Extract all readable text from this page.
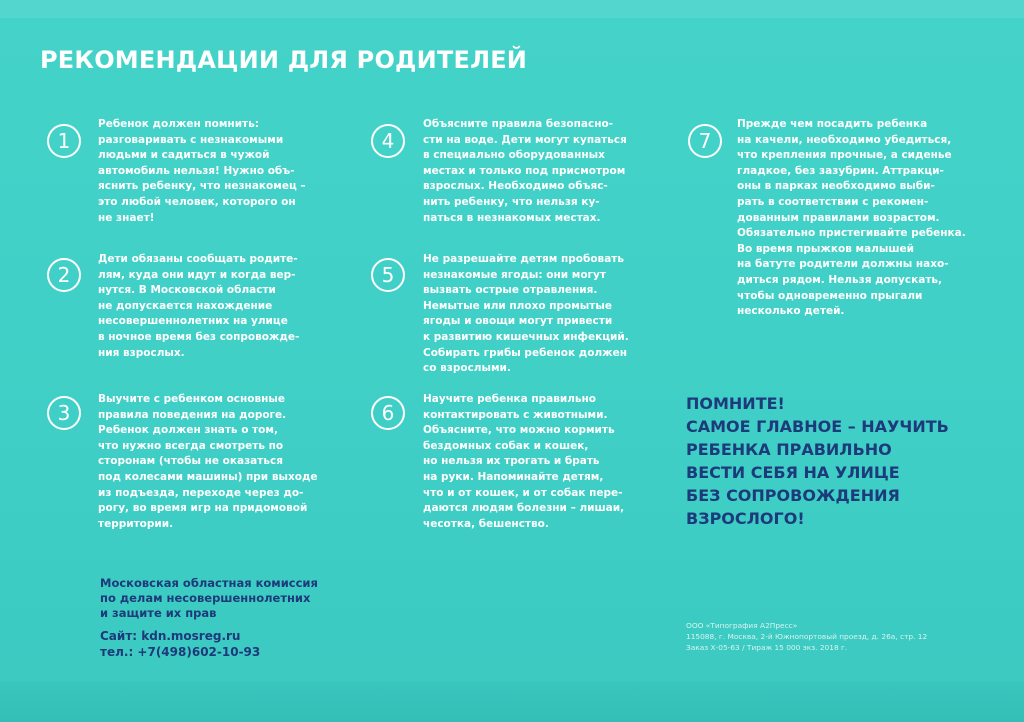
РЕКОМЕНДАЦИИ ДЛЯ РОДИТЕЛЕЙ
1
Ребенок должен помнить:
разговаривать с незнакомыми
людьми и садиться в чужой
автомобиль нельзя! Нужно объ-
яснить ребенку, что незнакомец –
это любой человек, которого он
не знает!
2
Дети обязаны сообщать родите-
лям, куда они идут и когда вер-
нутся. В Московской области
не допускается нахождение
несовершеннолетних на улице
в ночное время без сопровожде-
ния взрослых.
3
Выучите с ребенком основные
правила поведения на дороге.
Ребенок должен знать о том,
что нужно всегда смотреть по
сторонам (чтобы не оказаться
под колесами машины) при выходе
из подъезда, переходе через до-
рогу, во время игр на придомовой
территории.
4
Объясните правила безопасно-
сти на воде. Дети могут купаться
в специально оборудованных
местах и только под присмотром
взрослых. Необходимо объяс-
нить ребенку, что нельзя ку-
паться в незнакомых местах.
5
Не разрешайте детям пробовать
незнакомые ягоды: они могут
вызвать острые отравления.
Немытые или плохо промытые
ягоды и овощи могут привести
к развитию кишечных инфекций.
Собирать грибы ребенок должен
со взрослыми.
6
Научите ребенка правильно
контактировать с животными.
Объясните, что можно кормить
бездомных собак и кошек,
но нельзя их трогать и брать
на руки. Напоминайте детям,
что и от кошек, и от собак пере-
даются людям болезни – лишаи,
чесотка, бешенство.
7
Прежде чем посадить ребенка
на качели, необходимо убедиться,
что крепления прочные, а сиденье
гладкое, без зазубрин. Аттракци-
оны в парках необходимо выби-
рать в соответствии с рекомен-
дованным правилами возрастом.
Обязательно пристегивайте ребенка.
Во время прыжков малышей
на батуте родители должны нахо-
диться рядом. Нельзя допускать,
чтобы одновременно прыгали
несколько детей.
ПОМНИТЕ!
САМОЕ ГЛАВНОЕ – НАУЧИТЬ
РЕБЕНКА ПРАВИЛЬНО
ВЕСТИ СЕБЯ НА УЛИЦЕ
БЕЗ СОПРОВОЖДЕНИЯ
ВЗРОСЛОГО!
Московская областная комиссия
по делам несовершеннолетних
и защите их прав
Сайт: kdn.mosreg.ru
тел.: +7(498)602-10-93
ООО «Типография А2Пресс»
115088, г. Москва, 2-й Южнопортовый проезд, д. 26а, стр. 12
Заказ Х-05-63 / Тираж 15 000 экз. 2018 г.
